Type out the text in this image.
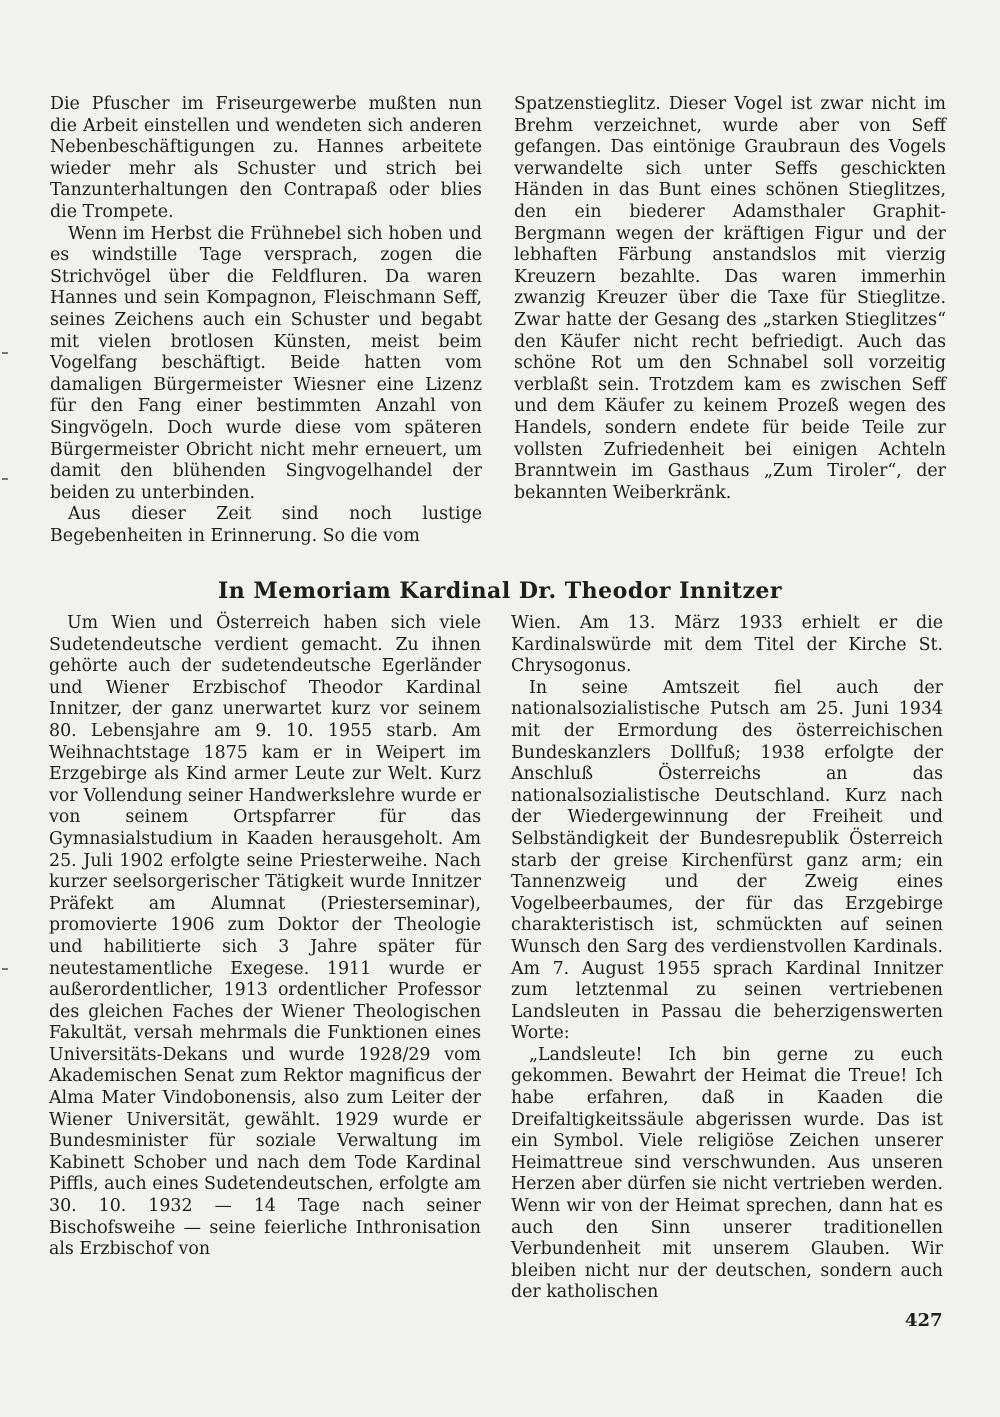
Die Pfuscher im Friseurgewerbe mußten nun die Arbeit einstellen und wendeten sich anderen Nebenbeschäftigungen zu. Hannes arbeitete wieder mehr als Schuster und strich bei Tanzunterhaltungen den Contrapaß oder blies die Trompete.

Wenn im Herbst die Frühnebel sich hoben und es windstille Tage versprach, zogen die Strichvögel über die Feldfluren. Da waren Hannes und sein Kompagnon, Fleischmann Seff, seines Zeichens auch ein Schuster und begabt mit vielen brotlosen Künsten, meist beim Vogelfang beschäftigt. Beide hatten vom damaligen Bürgermeister Wiesner eine Lizenz für den Fang einer bestimmten Anzahl von Singvögeln. Doch wurde diese vom späteren Bürgermeister Obricht nicht mehr erneuert, um damit den blühenden Singvogelhandel der beiden zu unterbinden.

Aus dieser Zeit sind noch lustige Begebenheiten in Erinnerung. So die vom

Spatzenstieglitz. Dieser Vogel ist zwar nicht im Brehm verzeichnet, wurde aber von Seff gefangen. Das eintönige Graubraun des Vogels verwandelte sich unter Seffs geschickten Händen in das Bunt eines schönen Stieglitzes, den ein biederer Adamsthaler Graphit-Bergmann wegen der kräftigen Figur und der lebhaften Färbung anstandslos mit vierzig Kreuzern bezahlte. Das waren immerhin zwanzig Kreuzer über die Taxe für Stieglitze. Zwar hatte der Gesang des „starken Stieglitzes“ den Käufer nicht recht befriedigt. Auch das schöne Rot um den Schnabel soll vorzeitig verblaßt sein. Trotzdem kam es zwischen Seff und dem Käufer zu keinem Prozeß wegen des Handels, sondern endete für beide Teile zur vollsten Zufriedenheit bei einigen Achteln Branntwein im Gasthaus „Zum Tiroler“, der bekannten Weiberkränk.

In Memoriam Kardinal Dr. Theodor Innitzer

Um Wien und Österreich haben sich viele Sudetendeutsche verdient gemacht. Zu ihnen gehörte auch der sudetendeutsche Egerländer und Wiener Erzbischof Theodor Kardinal Innitzer, der ganz unerwartet kurz vor seinem 80. Lebensjahre am 9. 10. 1955 starb. Am Weihnachtstage 1875 kam er in Weipert im Erzgebirge als Kind armer Leute zur Welt. Kurz vor Vollendung seiner Handwerkslehre wurde er von seinem Ortspfarrer für das Gymnasialstudium in Kaaden herausgeholt. Am 25. Juli 1902 erfolgte seine Priesterweihe. Nach kurzer seelsorgerischer Tätigkeit wurde Innitzer Präfekt am Alumnat (Priesterseminar), promovierte 1906 zum Doktor der Theologie und habilitierte sich 3 Jahre später für neutestamentliche Exegese. 1911 wurde er außerordentlicher, 1913 ordentlicher Professor des gleichen Faches der Wiener Theologischen Fakultät, versah mehrmals die Funktionen eines Universitäts-Dekans und wurde 1928/29 vom Akademischen Senat zum Rektor magnificus der Alma Mater Vindobonensis, also zum Leiter der Wiener Universität, gewählt. 1929 wurde er Bundesminister für soziale Verwaltung im Kabinett Schober und nach dem Tode Kardinal Piffls, auch eines Sudetendeutschen, erfolgte am 30. 10. 1932 — 14 Tage nach seiner Bischofsweihe — seine feierliche Inthronisation als Erzbischof von

Wien. Am 13. März 1933 erhielt er die Kardinalswürde mit dem Titel der Kirche St. Chrysogonus.

In seine Amtszeit fiel auch der nationalsozialistische Putsch am 25. Juni 1934 mit der Ermordung des österreichischen Bundeskanzlers Dollfuß; 1938 erfolgte der Anschluß Österreichs an das nationalsozialistische Deutschland. Kurz nach der Wiedergewinnung der Freiheit und Selbständigkeit der Bundesrepublik Österreich starb der greise Kirchenfürst ganz arm; ein Tannenzweig und der Zweig eines Vogelbeerbaumes, der für das Erzgebirge charakteristisch ist, schmückten auf seinen Wunsch den Sarg des verdienstvollen Kardinals. Am 7. August 1955 sprach Kardinal Innitzer zum letztenmal zu seinen vertriebenen Landsleuten in Passau die beherzigenswerten Worte:

„Landsleute! Ich bin gerne zu euch gekommen. Bewahrt der Heimat die Treue! Ich habe erfahren, daß in Kaaden die Dreifaltigkeitssäule abgerissen wurde. Das ist ein Symbol. Viele religiöse Zeichen unserer Heimattreue sind verschwunden. Aus unseren Herzen aber dürfen sie nicht vertrieben werden. Wenn wir von der Heimat sprechen, dann hat es auch den Sinn unserer traditionellen Verbundenheit mit unserem Glauben. Wir bleiben nicht nur der deutschen, sondern auch der katholischen

427
